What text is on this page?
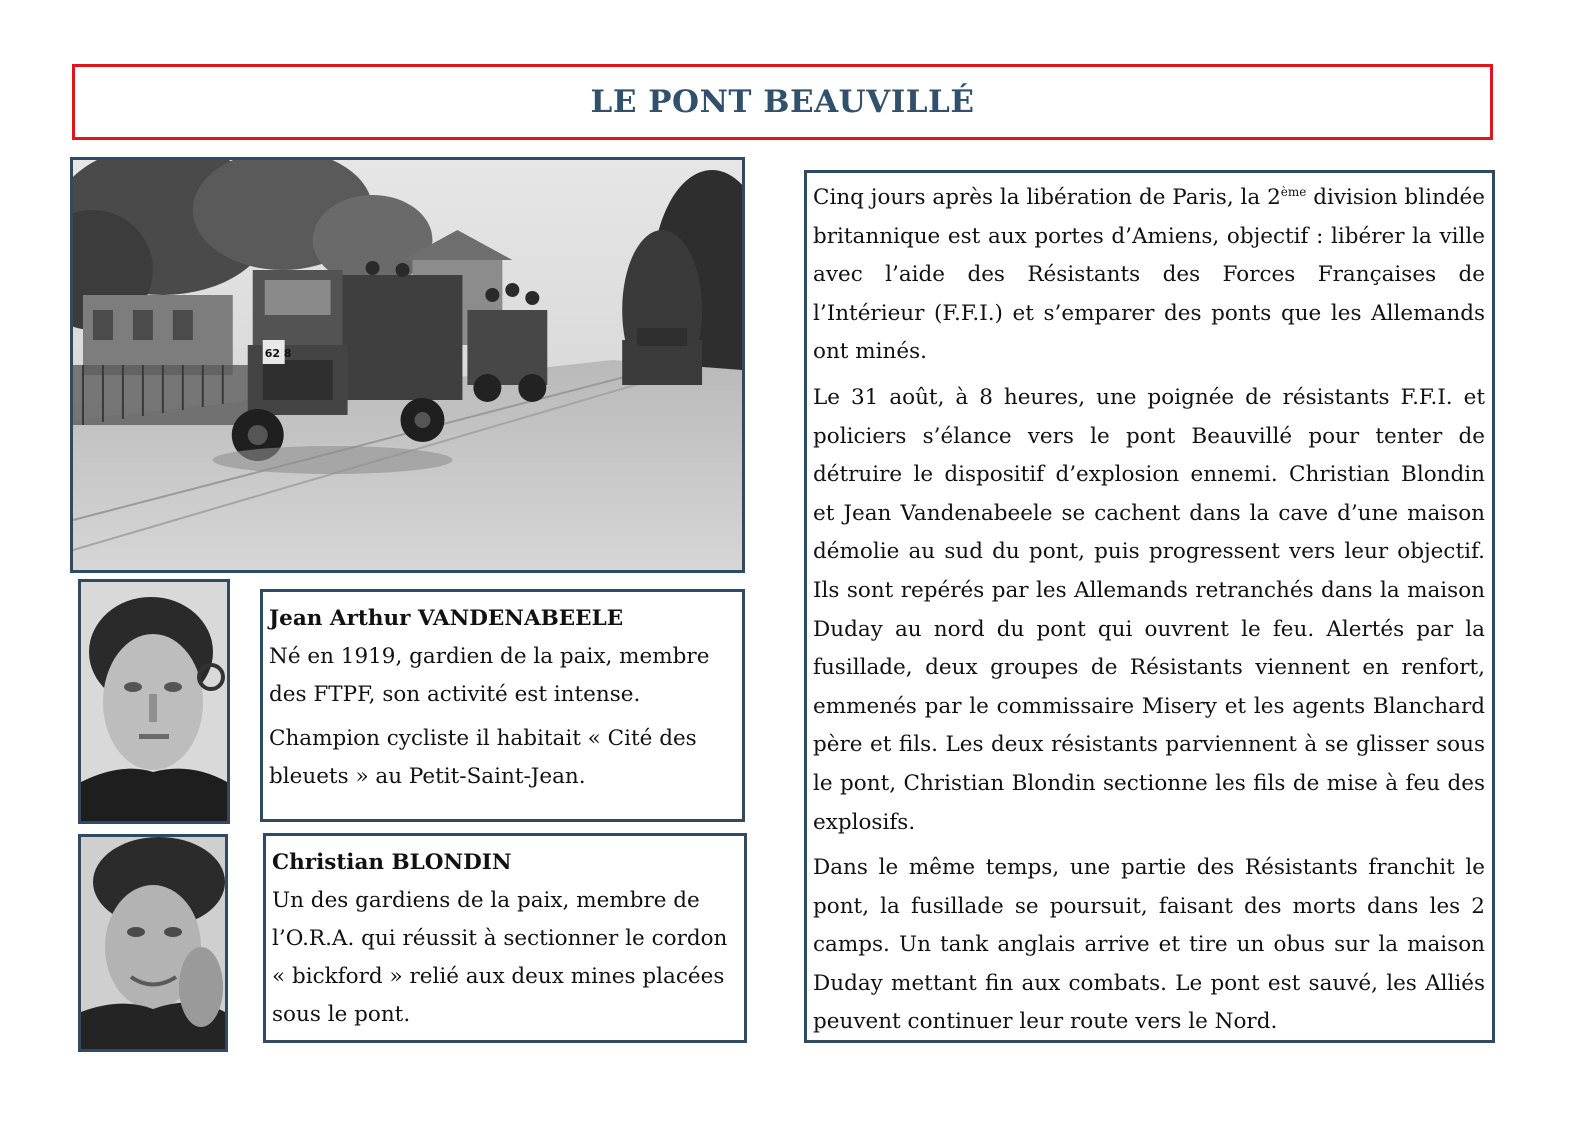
LE PONT BEAUVILLÉ
62 8
Jean Arthur VANDENABEELE

Né en 1919, gardien de la paix, membre des FTPF, son activité est intense.

Champion cycliste il habitait « Cité des bleuets » au Petit-Saint-Jean.

Christian BLONDIN

Un des gardiens de la paix, membre de l’O.R.A. qui réussit à sectionner le cordon « bickford » relié aux deux mines placées sous le pont.

Cinq jours après la libération de Paris, la 2ème division blindée britannique est aux portes d’Amiens, objectif : libérer la ville avec l’aide des Résistants des Forces Françaises de l’Intérieur (F.F.I.) et s’emparer des ponts que les Allemands ont minés.

Le 31 août, à 8 heures, une poignée de résistants F.F.I. et policiers s’élance vers le pont Beauvillé pour tenter de détruire le dispositif d’explosion ennemi. Christian Blondin et Jean Vandenabeele se cachent dans la cave d’une maison démolie au sud du pont, puis progressent vers leur objectif. Ils sont repérés par les Allemands retranchés dans la maison Duday au nord du pont qui ouvrent le feu. Alertés par la fusillade, deux groupes de Résistants viennent en renfort, emmenés par le commissaire Misery et les agents Blanchard père et fils. Les deux résistants parviennent à se glisser sous le pont, Christian Blondin sectionne les fils de mise à feu des explosifs.

Dans le même temps, une partie des Résistants franchit le pont, la fusillade se poursuit, faisant des morts dans les 2 camps. Un tank anglais arrive et tire un obus sur la maison Duday mettant fin aux combats. Le pont est sauvé, les Alliés peuvent continuer leur route vers le Nord.
